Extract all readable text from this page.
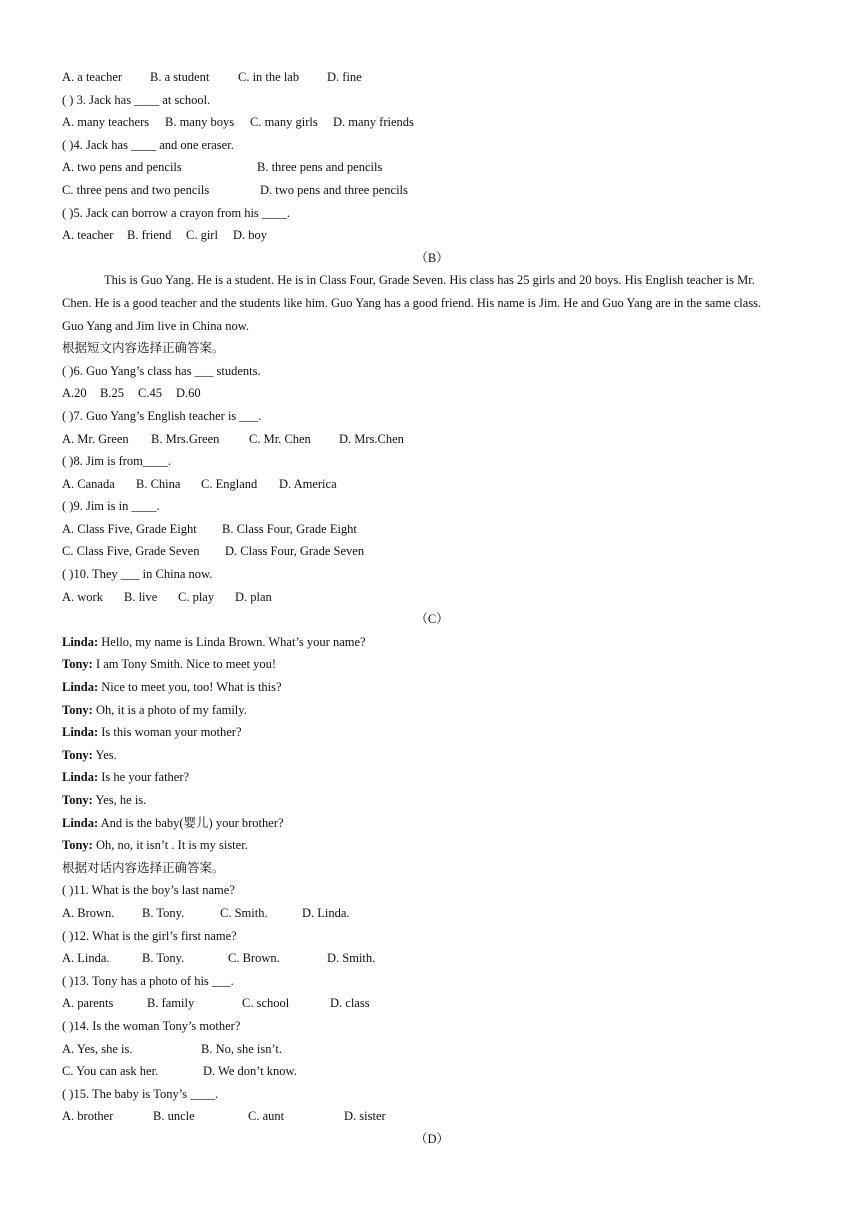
A. a teacher	B. a student	C. in the lab	D. fine
( ) 3. Jack has ____ at school.
A. many teachers	B. many boys	C. many girls	D. many friends
( )4. Jack has ____ and one eraser.
A. two pens and pencils	B. three pens and pencils
C. three pens and two pencils	D. two pens and three pencils
( )5. Jack can borrow a crayon from his ____.
A. teacher	B. friend	C. girl	D. boy
（B）
This is Guo Yang. He is a student. He is in Class Four, Grade Seven. His class has 25 girls and 20 boys. His English teacher is Mr.
Chen. He is a good teacher and the students like him. Guo Yang has a good friend. His name is Jim. He and Guo Yang are in the same class.
Guo Yang and Jim live in China now.
根据短文内容选择正确答案。
( )6. Guo Yang’s class has ___ students.
A.20	B.25	C.45	D.60
( )7. Guo Yang’s English teacher is ___.
A. Mr. Green	B. Mrs.Green	C. Mr. Chen	D. Mrs.Chen
( )8. Jim is from____.
A. Canada	B. China	C. England	D. America
( )9. Jim is in ____.
A. Class Five, Grade Eight	B. Class Four, Grade Eight
C. Class Five, Grade Seven	D. Class Four, Grade Seven
( )10. They ___ in China now.
A. work	B. live	C. play	D. plan
（C）
Linda: Hello, my name is Linda Brown. What’s your name?
Tony: I am Tony Smith. Nice to meet you!
Linda: Nice to meet you, too! What is this?
Tony: Oh, it is a photo of my family.
Linda: Is this woman your mother?
Tony: Yes.
Linda: Is he your father?
Tony: Yes, he is.
Linda: And is the baby(婴儿) your brother?
Tony: Oh, no, it isn’t . It is my sister.
根据对话内容选择正确答案。
( )11. What is the boy’s last name?
A. Brown.	B. Tony.	C. Smith.	D. Linda.
( )12. What is the girl’s first name?
A. Linda.	B. Tony.	C. Brown.	D. Smith.
( )13. Tony has a photo of his ___.
A. parents	B. family	C. school	D. class
( )14. Is the woman Tony’s mother?
A. Yes, she is.	B. No, she isn’t.
C. You can ask her.	D. We don’t know.
( )15. The baby is Tony’s ____.
A. brother	B. uncle	C. aunt	D. sister
（D）
